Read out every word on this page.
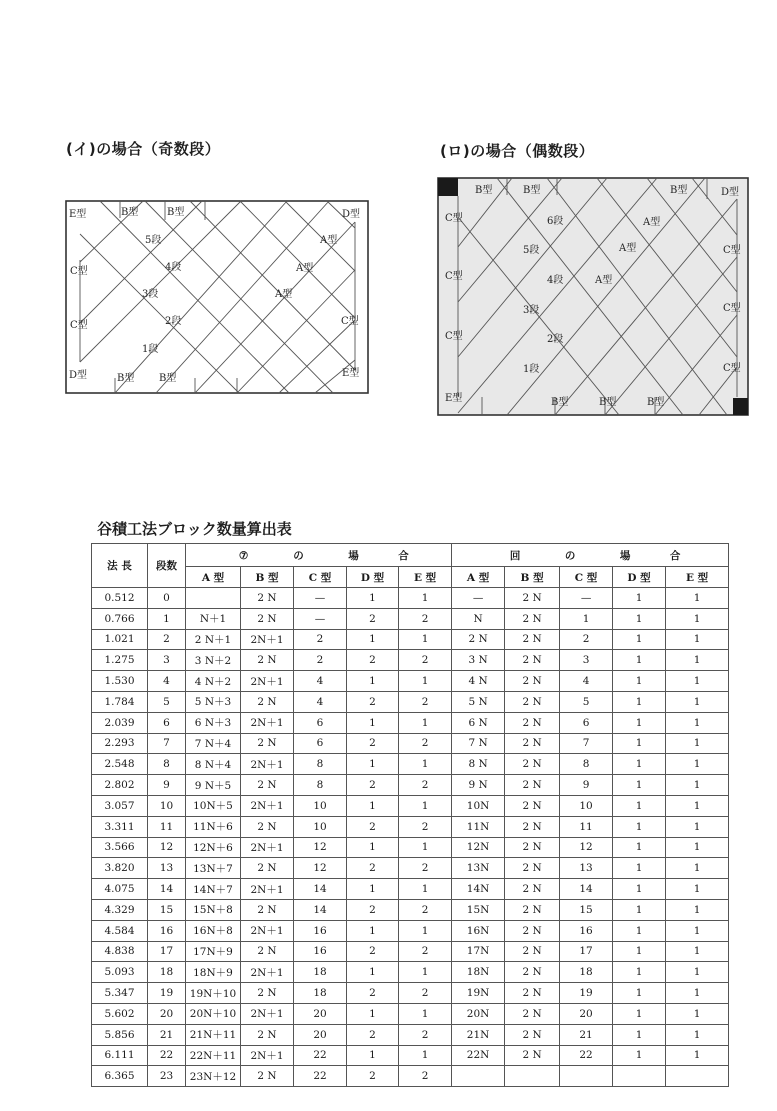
(イ)の場合（奇数段）
E型	B型	B型	D型
C型
C型
D型	B型 B型	E型
A型
A型
A型
C型
5段
4段
3段
2段
1段
(ロ)の場合（偶数段）
B型	B型	B型	D型
C型
C型
C型
C型
C型
C型
E型	B型	B型	B型
A型
A型
A型
6段
5段
4段
3段
2段
1段
谷積工法ブロック数量算出表
法 長	段数	⑦ の 場 合					回 の 場 合				
		A 型	B 型	C 型	D 型	E 型	A 型	B 型	C 型	D 型	E 型
0.512	0		2 N	—	1	1	—	2 N	—	1	1
0.766	1	N＋1	2 N	—	2	2	N	2 N	1	1	1
1.021	2	2 N＋1	2N＋1	2	1	1	2 N	2 N	2	1	1
1.275	3	3 N＋2	2 N	2	2	2	3 N	2 N	3	1	1
1.530	4	4 N＋2	2N＋1	4	1	1	4 N	2 N	4	1	1
1.784	5	5 N＋3	2 N	4	2	2	5 N	2 N	5	1	1
2.039	6	6 N＋3	2N＋1	6	1	1	6 N	2 N	6	1	1
2.293	7	7 N＋4	2 N	6	2	2	7 N	2 N	7	1	1
2.548	8	8 N＋4	2N＋1	8	1	1	8 N	2 N	8	1	1
2.802	9	9 N＋5	2 N	8	2	2	9 N	2 N	9	1	1
3.057	10	10N＋5	2N＋1	10	1	1	10N	2 N	10	1	1
3.311	11	11N＋6	2 N	10	2	2	11N	2 N	11	1	1
3.566	12	12N＋6	2N＋1	12	1	1	12N	2 N	12	1	1
3.820	13	13N＋7	2 N	12	2	2	13N	2 N	13	1	1
4.075	14	14N＋7	2N＋1	14	1	1	14N	2 N	14	1	1
4.329	15	15N＋8	2 N	14	2	2	15N	2 N	15	1	1
4.584	16	16N＋8	2N＋1	16	1	1	16N	2 N	16	1	1
4.838	17	17N＋9	2 N	16	2	2	17N	2 N	17	1	1
5.093	18	18N＋9	2N＋1	18	1	1	18N	2 N	18	1	1
5.347	19	19N＋10	2 N	18	2	2	19N	2 N	19	1	1
5.602	20	20N＋10	2N＋1	20	1	1	20N	2 N	20	1	1
5.856	21	21N＋11	2 N	20	2	2	21N	2 N	21	1	1
6.111	22	22N＋11	2N＋1	22	1	1	22N	2 N	22	1	1
6.365	23	23N＋12	2 N	22	2	2					
